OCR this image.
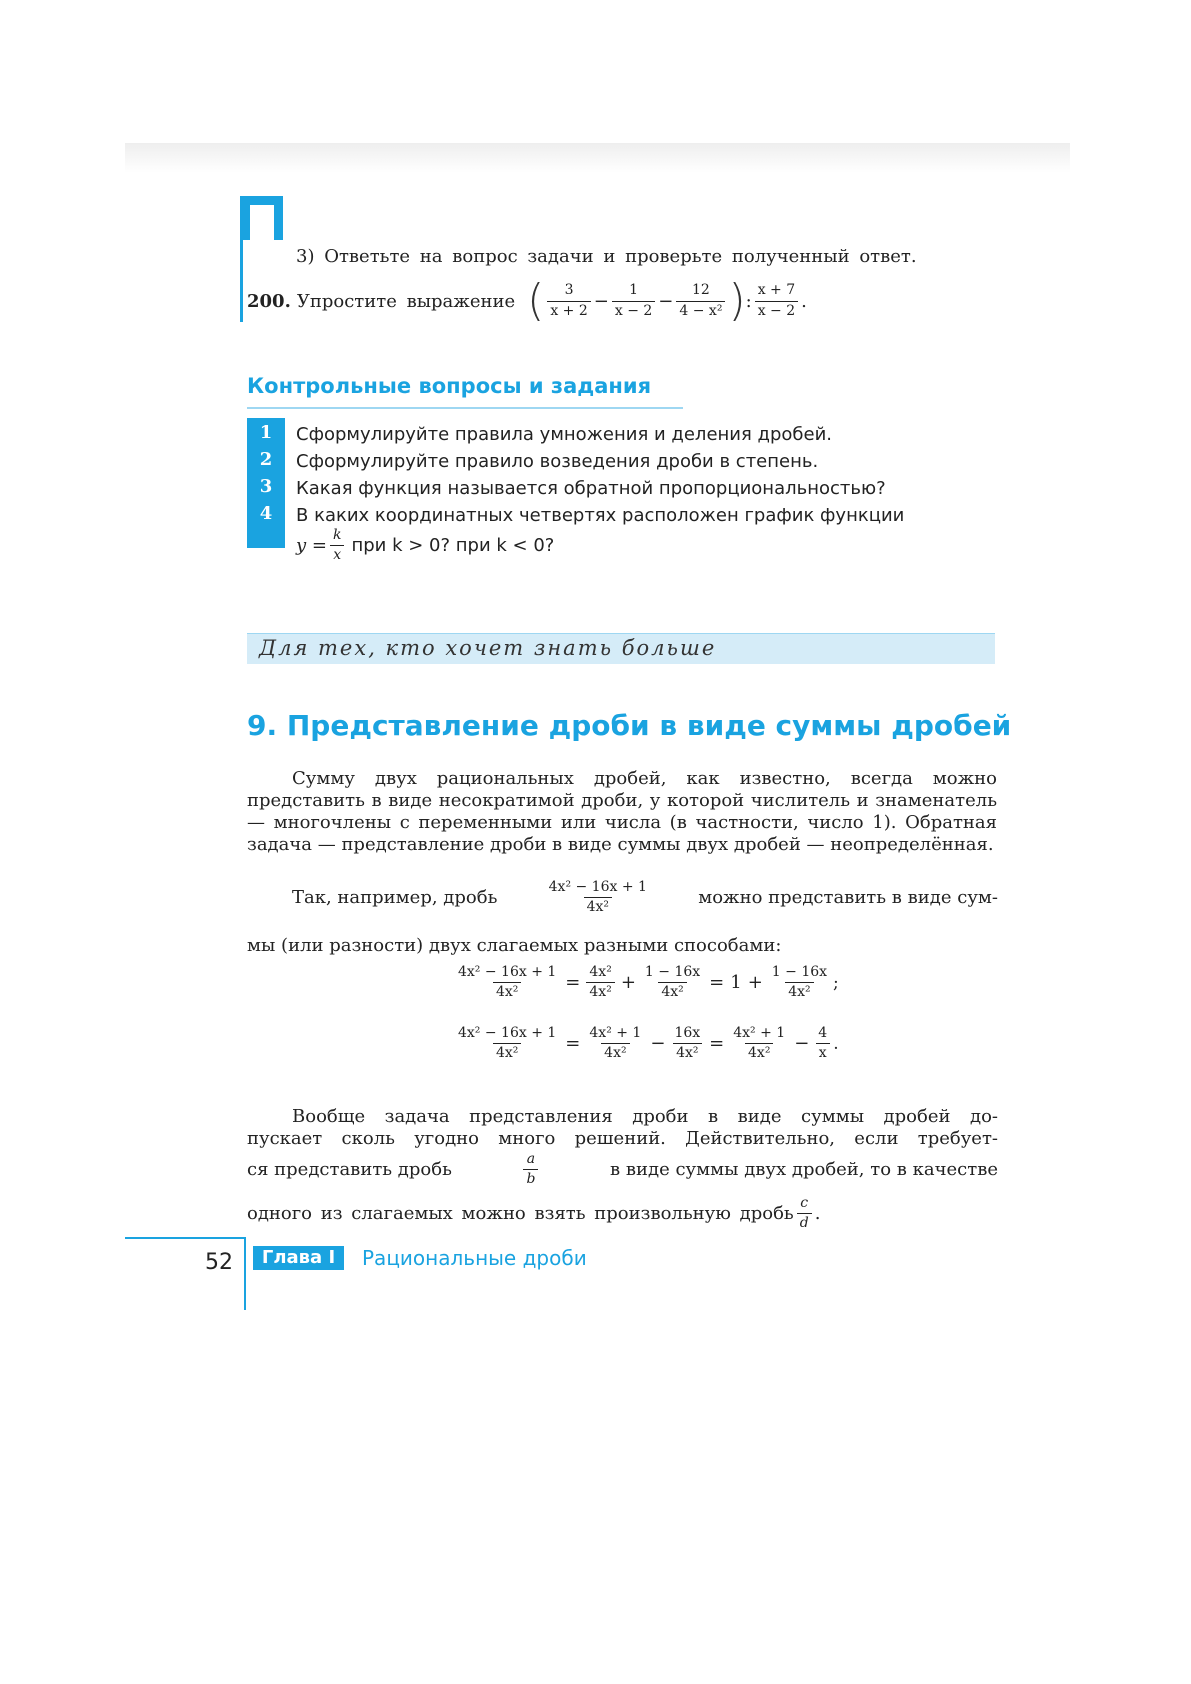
3) Ответьте на вопрос задачи и проверьте полученный ответ.
200. Упростите выражение ( $\frac{3}{x + 2} - \frac{1}{x - 2} - \frac{12}{\text{4 − x²}}$ ) : $\frac{x + 7}{x - 2}$ .
Контрольные вопросы и задания
1
2
3
4
Сформулируйте правила умножения и деления дробей.
Сформулируйте правило возведения дроби в степень.
Какая функция называется обратной пропорциональностью?
В каких координатных четвертях расположен график функции
$y = \frac{k}{x}$ при k > 0? при k < 0?
Для тех, кто хочет знать больше
9. Представление дроби в виде суммы дробей
Сумму двух рациональных дробей, как известно, всегда можно представить в виде несократимой дроби, у которой числитель и знаменатель — многочлены с переменными или числа (в частности, число 1). Обратная задача — представление дроби в виде суммы двух дробей — неопределённая.
Так, например, дробь	$\frac{\text{4x² − 16x + 1}}{\text{4x²}}$	можно представить в виде сум-
мы (или разности) двух слагаемых разными способами:
$\frac{\text{4x² − 16x + 1}}{\text{4x²}} = \frac{\text{4x²}}{\text{4x²}} + \frac{1 - 16x}{\text{4x²}} = 1 + \frac{1 - 16x}{\text{4x²}}$ ;
$\frac{\text{4x² − 16x + 1}}{\text{4x²}} = \frac{\text{4x² + 1}}{\text{4x²}} - \frac{16x}{\text{4x²}} = \frac{\text{4x² + 1}}{\text{4x²}} - \frac{4}{x}$ .
Вообще задача представления дроби в виде суммы дробей до-
пускает сколь угодно много решений. Действительно, если требует-
ся представить дробь	$\frac{a}{b}$	в виде суммы двух дробей, то в качестве
одного из слагаемых можно взять произвольную дробь $\frac{c}{d}$ .
52	Глава I	Рациональные дроби
